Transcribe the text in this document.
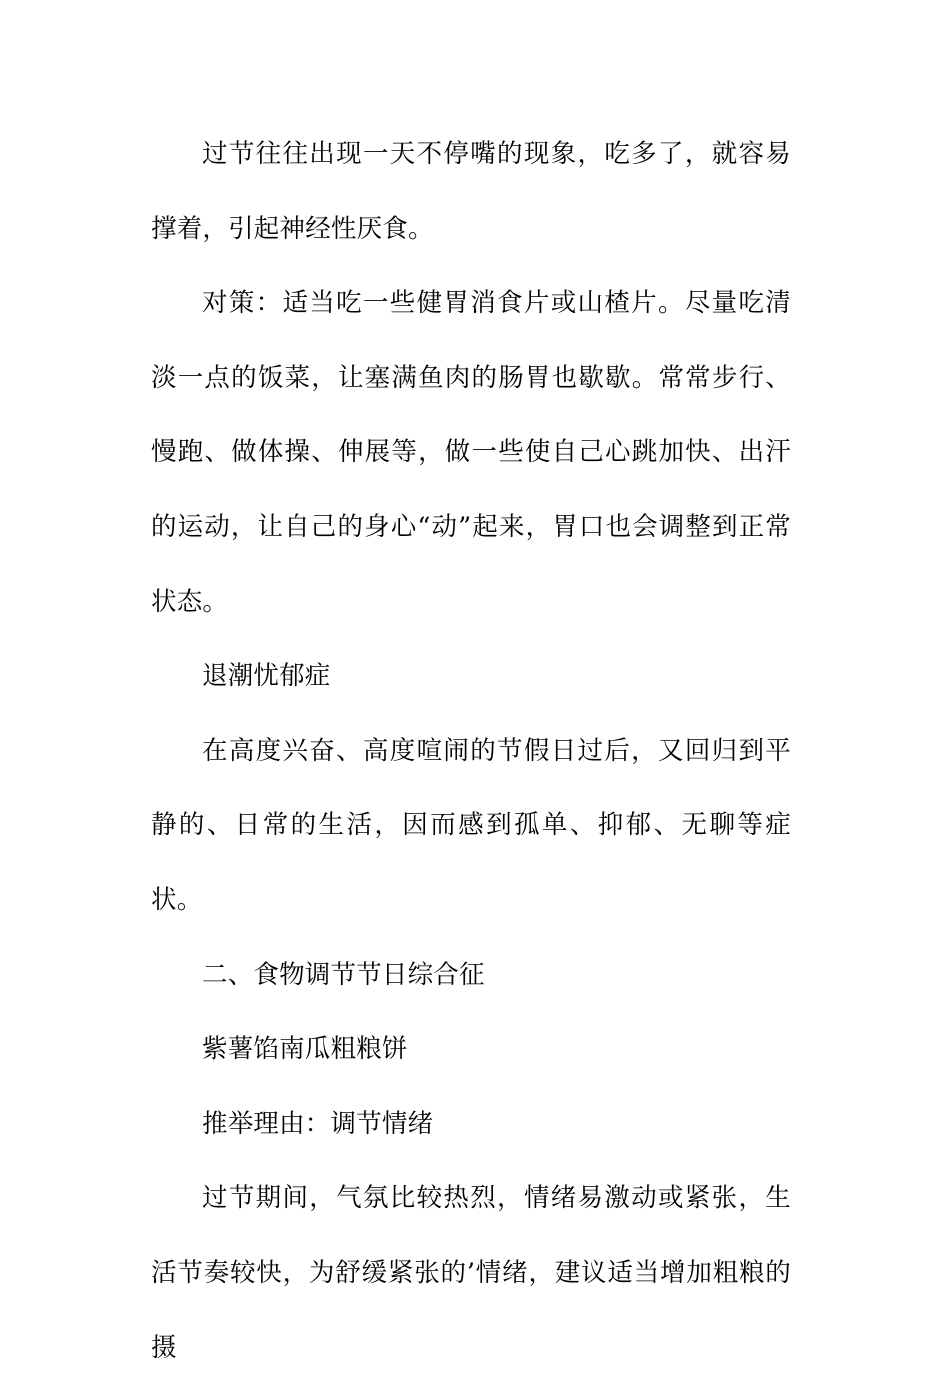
过节往往出现一天不停嘴的现象，吃多了，就容易撑着，引起神经性厌食。

对策：适当吃一些健胃消食片或山楂片。尽量吃清淡一点的饭菜，让塞满鱼肉的肠胃也歇歇。常常步行、慢跑、做体操、伸展等，做一些使自己心跳加快、出汗的运动，让自己的身心“动”起来，胃口也会调整到正常状态。

退潮忧郁症

在高度兴奋、高度喧闹的节假日过后，又回归到平静的、日常的生活，因而感到孤单、抑郁、无聊等症状。

二、食物调节节日综合征

紫薯馅南瓜粗粮饼

推举理由：调节情绪

过节期间，气氛比较热烈，情绪易激动或紧张，生活节奏较快，为舒缓紧张的’情绪，建议适当增加粗粮的摄
